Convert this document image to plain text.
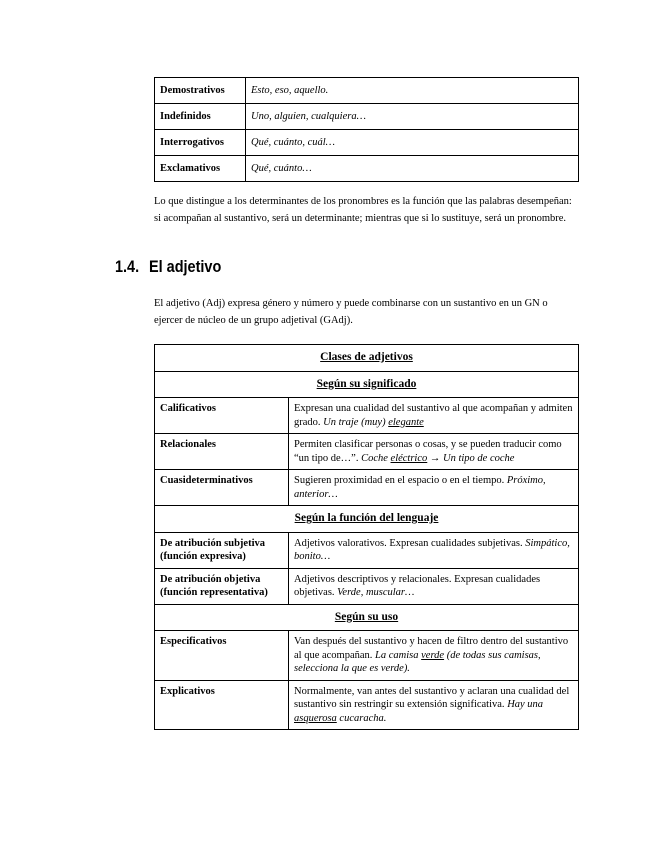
Demostrativos	Esto, eso, aquello.
Indefinidos	Uno, alguien, cualquiera…
Interrogativos	Qué, cuánto, cuál…
Exclamativos	Qué, cuánto…
Lo que distingue a los determinantes de los pronombres es la función que las palabras desempeñan: si acompañan al sustantivo, será un determinante; mientras que si lo sustituye, será un pronombre.
1.4. El adjetivo
El adjetivo (Adj) expresa género y número y puede combinarse con un sustantivo en un GN o ejercer de núcleo de un grupo adjetival (GAdj).
Clases de adjetivos	
Según su significado	
Calificativos	Expresan una cualidad del sustantivo al que acompañan y admiten grado. Un traje (muy) elegante
Relacionales	Permiten clasificar personas o cosas, y se pueden traducir como “un tipo de…”. Coche eléctrico → Un tipo de coche
Cuasideterminativos	Sugieren proximidad en el espacio o en el tiempo. Próximo, anterior…
Según la función del lenguaje	
De atribución subjetiva (función expresiva)	Adjetivos valorativos. Expresan cualidades subjetivas. Simpático, bonito…
De atribución objetiva (función representativa)	Adjetivos descriptivos y relacionales. Expresan cualidades objetivas. Verde, muscular…
Según su uso	
Especificativos	Van después del sustantivo y hacen de filtro dentro del sustantivo al que acompañan. La camisa verde (de todas sus camisas, selecciona la que es verde).
Explicativos	Normalmente, van antes del sustantivo y aclaran una cualidad del sustantivo sin restringir su extensión significativa. Hay una asquerosa cucaracha.
